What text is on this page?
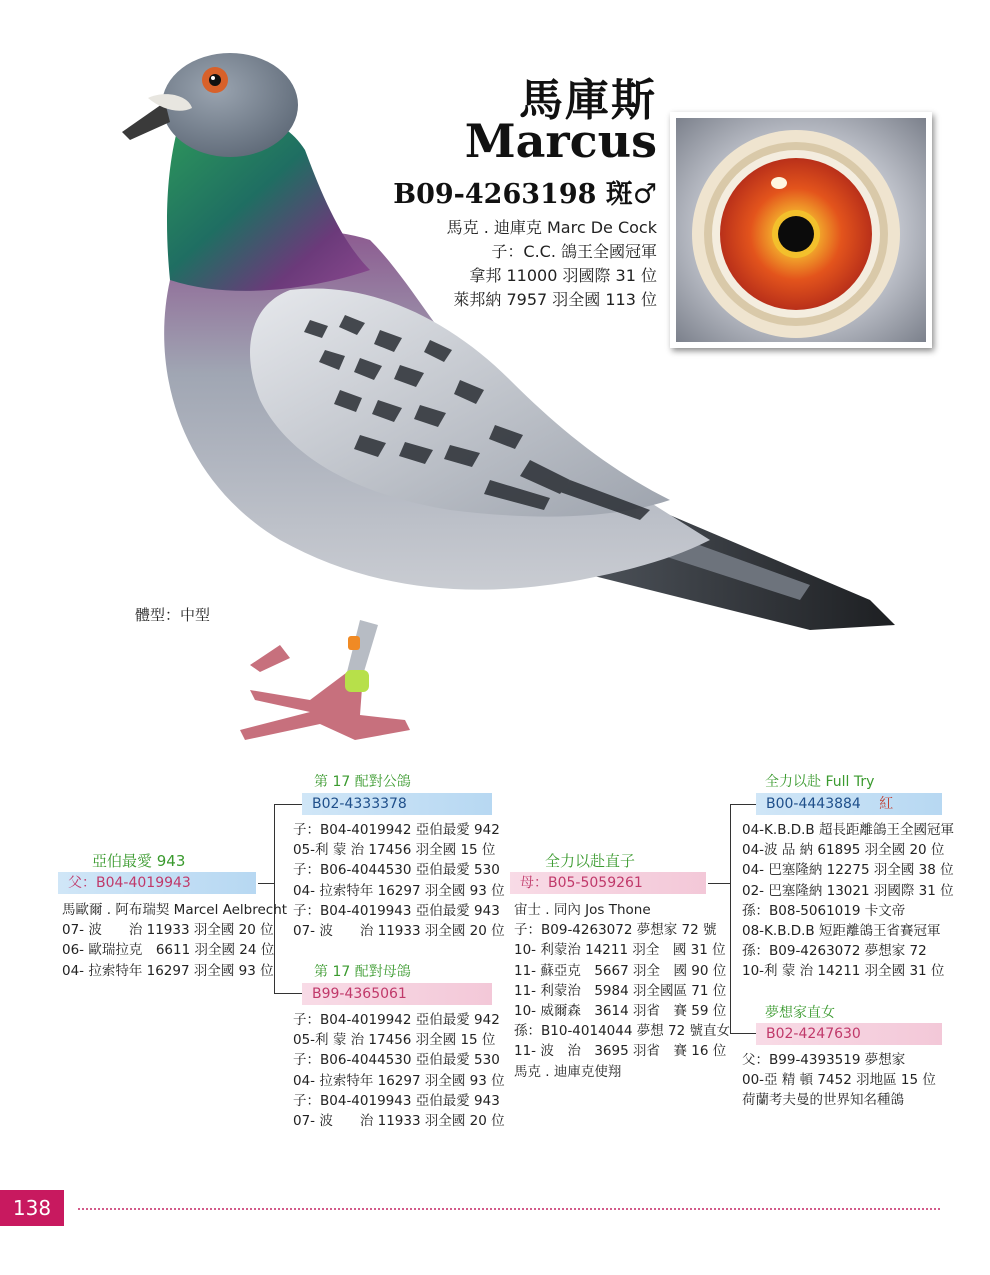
馬庫斯
Marcus
B09-4263198 斑♂
馬克 . 迪庫克 Marc De Cock
子：C.C. 鴿王全國冠軍
拿邦 11000 羽國際 31 位
萊邦納 7957 羽全國 113 位
體型：中型
亞伯最愛 943
父：B04-4019943
馬歐爾 . 阿布瑞契 Marcel Aelbrecht
07- 波　　治 11933 羽全國 20 位
06- 歐瑞拉克　6611 羽全國 24 位
04- 拉索特年 16297 羽全國 93 位
第 17 配對公鴿
B02-4333378
子：B04-4019942 亞伯最愛 942
05-利 蒙 治 17456 羽全國 15 位
子：B06-4044530 亞伯最愛 530
04- 拉索特年 16297 羽全國 93 位
子：B04-4019943 亞伯最愛 943
07- 波　　治 11933 羽全國 20 位
第 17 配對母鴿
B99-4365061
子：B04-4019942 亞伯最愛 942
05-利 蒙 治 17456 羽全國 15 位
子：B06-4044530 亞伯最愛 530
04- 拉索特年 16297 羽全國 93 位
子：B04-4019943 亞伯最愛 943
07- 波　　治 11933 羽全國 20 位
全力以赴直子
母：B05-5059261
宙士 . 同內 Jos Thone
子：B09-4263072 夢想家 72 號
10- 利蒙治 14211 羽全　國 31 位
11- 蘇亞克　5667 羽全　國 90 位
11- 利蒙治　5984 羽全國區 71 位
10- 威爾森　3614 羽省　賽 59 位
孫：B10-4014044 夢想 72 號直女
11- 波　治　3695 羽省　賽 16 位
馬克 . 迪庫克使翔
全力以赴 Full Try
B00-4443884 紅
04-K.B.D.B 超長距離鴿王全國冠軍
04-波 品 納 61895 羽全國 20 位
04- 巴塞隆納 12275 羽全國 38 位
02- 巴塞隆納 13021 羽國際 31 位
孫：B08-5061019 卡文帝
08-K.B.D.B 短距離鴿王省賽冠軍
孫：B09-4263072 夢想家 72
10-利 蒙 治 14211 羽全國 31 位
夢想家直女
B02-4247630
父：B99-4393519 夢想家
00-亞 精 頓 7452 羽地區 15 位
荷蘭考夫曼的世界知名種鴿
138
